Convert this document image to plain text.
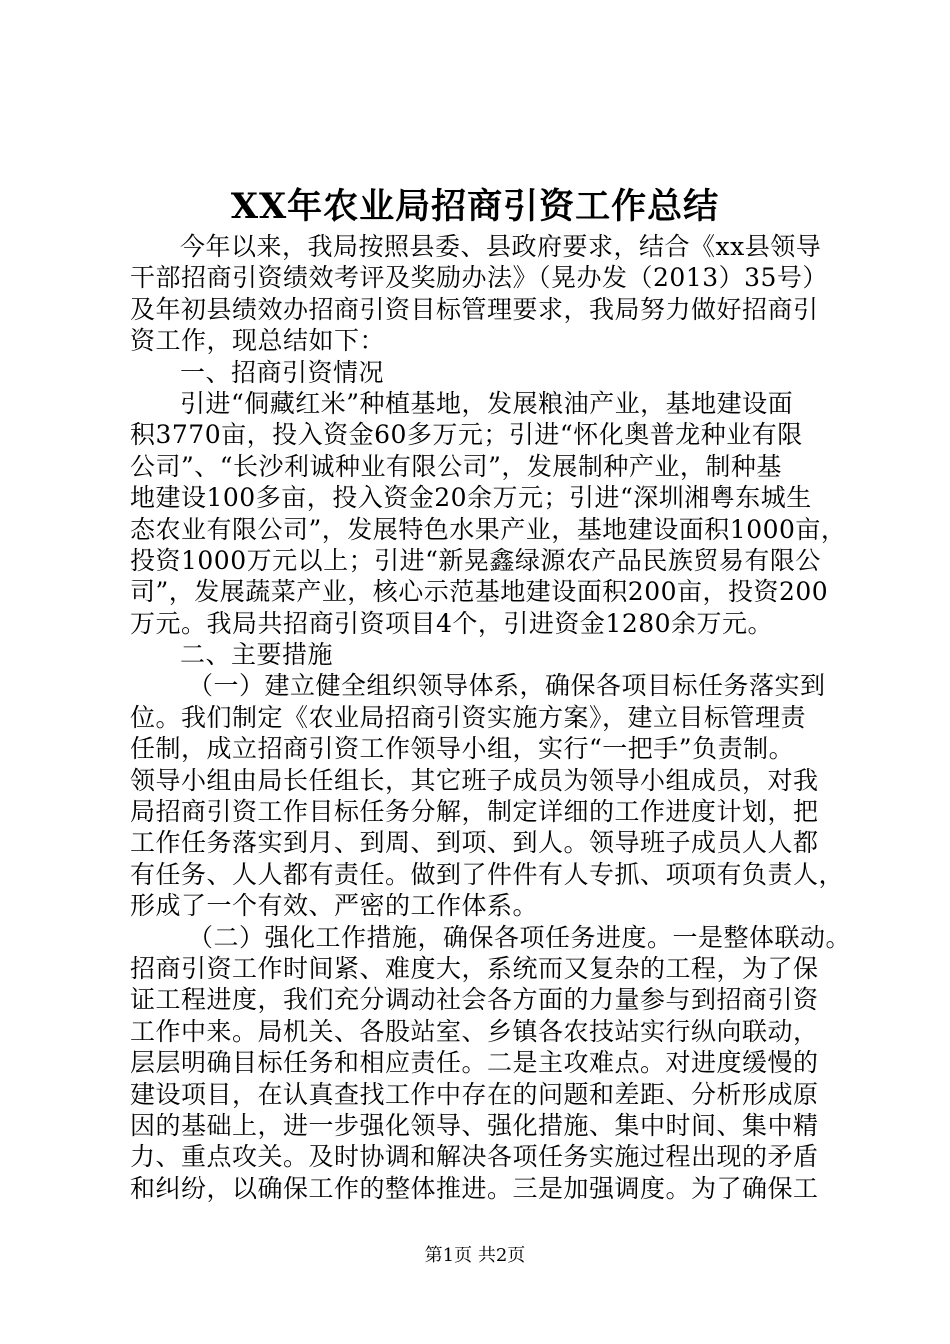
XX年农业局招商引资工作总结
今年以来，我局按照县委、县政府要求，结合《xx县领导
干部招商引资绩效考评及奖励办法》（晃办发（2013）35号）
及年初县绩效办招商引资目标管理要求，我局努力做好招商引
资工作，现总结如下：
一、招商引资情况
引进“侗藏红米”种植基地，发展粮油产业，基地建设面
积3770亩，投入资金60多万元；引进“怀化奥普龙种业有限
公司”、“长沙利诚种业有限公司”，发展制种产业，制种基
地建设100多亩，投入资金20余万元；引进“深圳湘粤东城生
态农业有限公司”，发展特色水果产业，基地建设面积1000亩，
投资1000万元以上；引进“新晃鑫绿源农产品民族贸易有限公
司”，发展蔬菜产业，核心示范基地建设面积200亩，投资200
万元。我局共招商引资项目4个，引进资金1280余万元。
二、主要措施
（一）建立健全组织领导体系，确保各项目标任务落实到
位。我们制定《农业局招商引资实施方案》，建立目标管理责
任制，成立招商引资工作领导小组，实行“一把手”负责制。
领导小组由局长任组长，其它班子成员为领导小组成员，对我
局招商引资工作目标任务分解，制定详细的工作进度计划，把
工作任务落实到月、到周、到项、到人。领导班子成员人人都
有任务、人人都有责任。做到了件件有人专抓、项项有负责人，
形成了一个有效、严密的工作体系。
（二）强化工作措施，确保各项任务进度。一是整体联动。
招商引资工作时间紧、难度大，系统而又复杂的工程，为了保
证工程进度，我们充分调动社会各方面的力量参与到招商引资
工作中来。局机关、各股站室、乡镇各农技站实行纵向联动，
层层明确目标任务和相应责任。二是主攻难点。对进度缓慢的
建设项目，在认真查找工作中存在的问题和差距、分析形成原
因的基础上，进一步强化领导、强化措施、集中时间、集中精
力、重点攻关。及时协调和解决各项任务实施过程出现的矛盾
和纠纷，以确保工作的整体推进。三是加强调度。为了确保工
第1页 共2页
